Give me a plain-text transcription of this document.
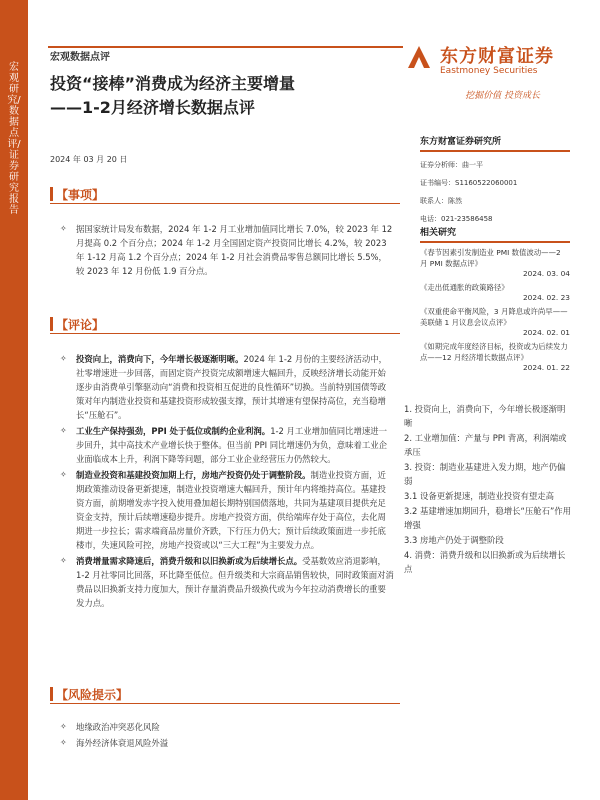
宏观研究/数据点评/证券研究报告
宏观数据点评	东方财富证券
Eastmoney Securities
挖掘价值 投资成长
投资“接棒”消费成为经济主要增量
——1-2月经济增长数据点评
2024 年 03 月 20 日
【事项】
✧ 据国家统计局发布数据，2024 年 1-2 月工业增加值同比增长 7.0%，较 2023 年 12 月提高 0.2 个百分点；2024 年 1-2 月全国固定资产投资同比增长 4.2%，较 2023 年 1-12 月高 1.2 个百分点；2024 年 1-2 月社会消费品零售总额同比增长 5.5%，较 2023 年 12 月份低 1.9 百分点。
【评论】
✧ 投资向上，消费向下，今年增长极逐渐明晰。2024 年 1-2 月份的主要经济活动中，社零增速进一步回落，而固定资产投资完成额增速大幅回升，反映经济增长动能开始逐步由消费单引擎驱动向“消费和投资相互促进的良性循环”切换。当前特别国债等政策对年内制造业投资和基建投资形成较强支撑，预计其增速有望保持高位，充当稳增长“压舱石”。
✧ 工业生产保持强劲，PPI 处于低位或制约企业利润。1-2 月工业增加值同比增速进一步回升，其中高技术产业增长快于整体。但当前 PPI 同比增速仍为负，意味着工业企业面临成本上升，利润下降等问题，部分工业企业经营压力仍然较大。
✧ 制造业投资和基建投资加期上行，房地产投资仍处于调整阶段。制造业投资方面，近期政策推动设备更新提速，制造业投资增速大幅回升，预计年内将维持高位。基建投资方面，前期增发赤字投入使用叠加超长期特别国债落地，共同为基建项目提供充足资金支持，预计后续增速稳步提升。房地产投资方面，供给端库存处于高位，去化周期进一步拉长；需求端商品房量价齐跌，下行压力仍大；预计后续政策面进一步托底楼市，失速风险可控，房地产投资或以“三大工程”为主要发力点。
✧ 消费增量需求降速后，消费升级和以旧换新或为后续增长点。受基数效应消退影响，1-2 月社零同比回落，环比降至低位。但升级类和大宗商品销售较快，同时政策面对消费品以旧换新支持力度加大，预计存量消费品升级换代或为今年拉动消费增长的重要发力点。
【风险提示】
✧ 地缘政治冲突恶化风险
✧ 海外经济体衰退风险外溢
东方财富证券研究所
证券分析师：曲一平
证书编号：S1160522060001
联系人：陈然
电话：021-23586458
相关研究
《春节因素引发制造业 PMI 数值波动——2 月 PMI 数据点评》
2024. 03. 04
《走出低通胀的政策路径》
2024. 02. 23
《双重使命平衡风险，3 月降息或许尚早——美联储 1 月议息会议点评》
2024. 02. 01
《如期完成年度经济目标，投资或为后续发力点——12 月经济增长数据点评》
2024. 01. 22
1. 投资向上，消费向下，今年增长极逐渐明晰
2. 工业增加值：产量与 PPI 背离，利润端或承压
3. 投资：制造业基建进入发力期，地产仍偏弱
3.1 设备更新提速，制造业投资有望走高
3.2 基建增速加期回升，稳增长“压舱石”作用增强
3.3 房地产仍处于调整阶段
4. 消费：消费升级和以旧换新或为后续增长点
